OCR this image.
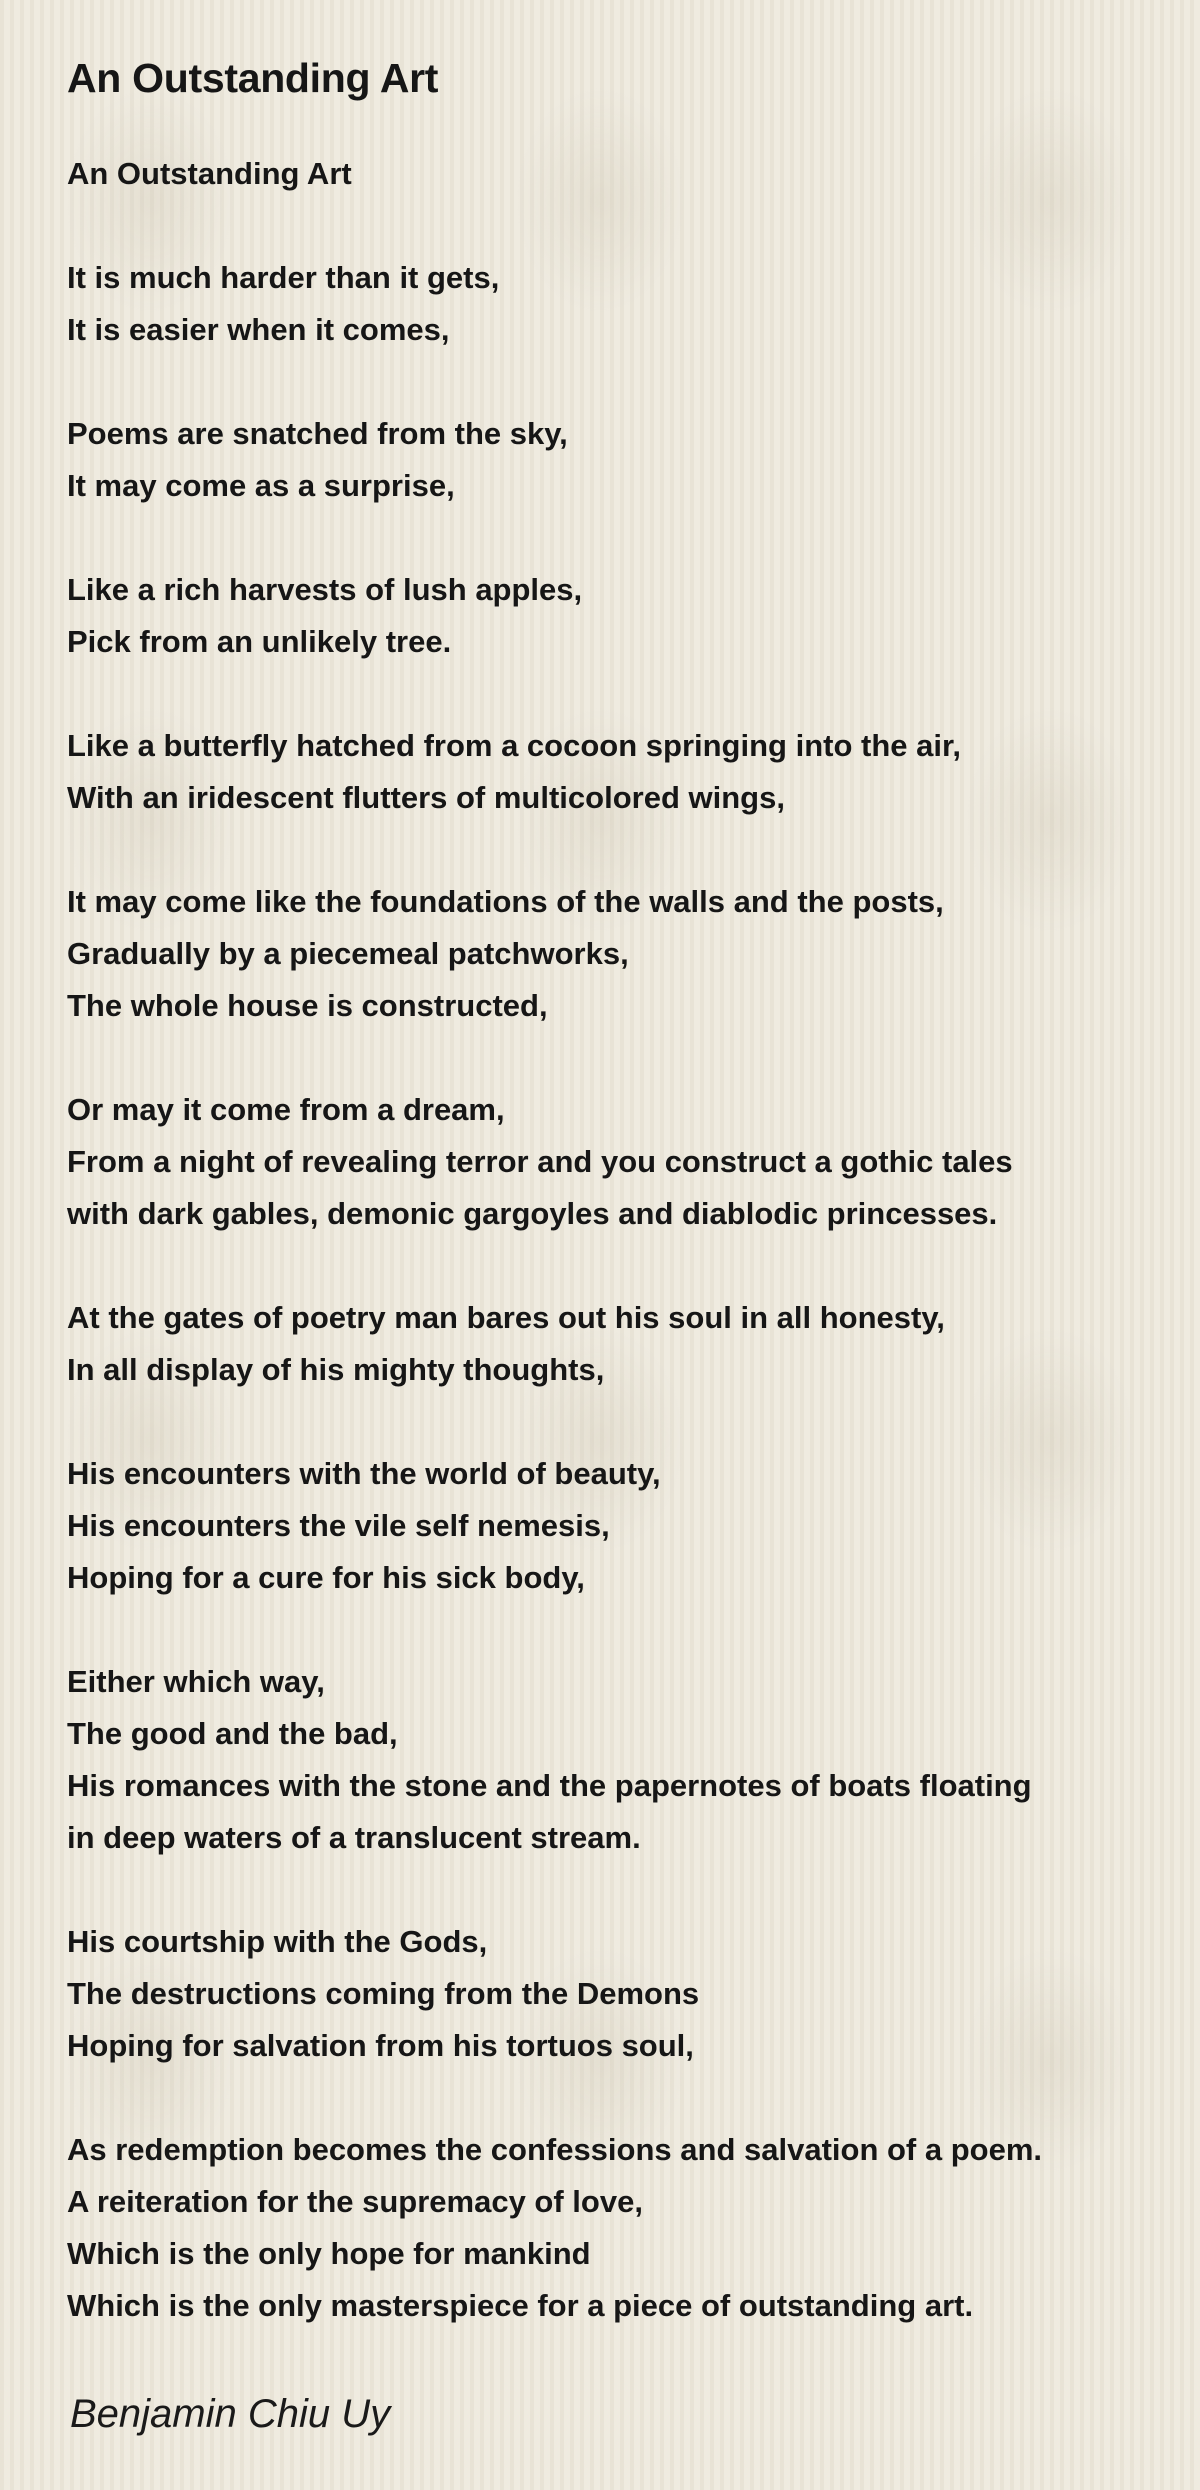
An Outstanding Art
An Outstanding Art
It is much harder than it gets,
It is easier when it comes,
Poems are snatched from the sky,
It may come as a surprise,
Like a rich harvests of lush apples,
Pick from an unlikely tree.
Like a butterfly hatched from a cocoon springing into the air,
With an iridescent flutters of multicolored wings,
It may come like the foundations of the walls and the posts,
Gradually by a piecemeal patchworks,
The whole house is constructed,
Or may it come from a dream,
From a night of revealing terror and you construct a gothic tales
with dark gables, demonic gargoyles and diablodic princesses.
At the gates of poetry man bares out his soul in all honesty,
In all display of his mighty thoughts,
His encounters with the world of beauty,
His encounters the vile self nemesis,
Hoping for a cure for his sick body,
Either which way,
The good and the bad,
His romances with the stone and the papernotes of boats floating
in deep waters of a translucent stream.
His courtship with the Gods,
The destructions coming from the Demons
Hoping for salvation from his tortuos soul,
As redemption becomes the confessions and salvation of a poem.
A reiteration for the supremacy of love,
Which is the only hope for mankind
Which is the only masterspiece for a piece of outstanding art.
Benjamin Chiu Uy
